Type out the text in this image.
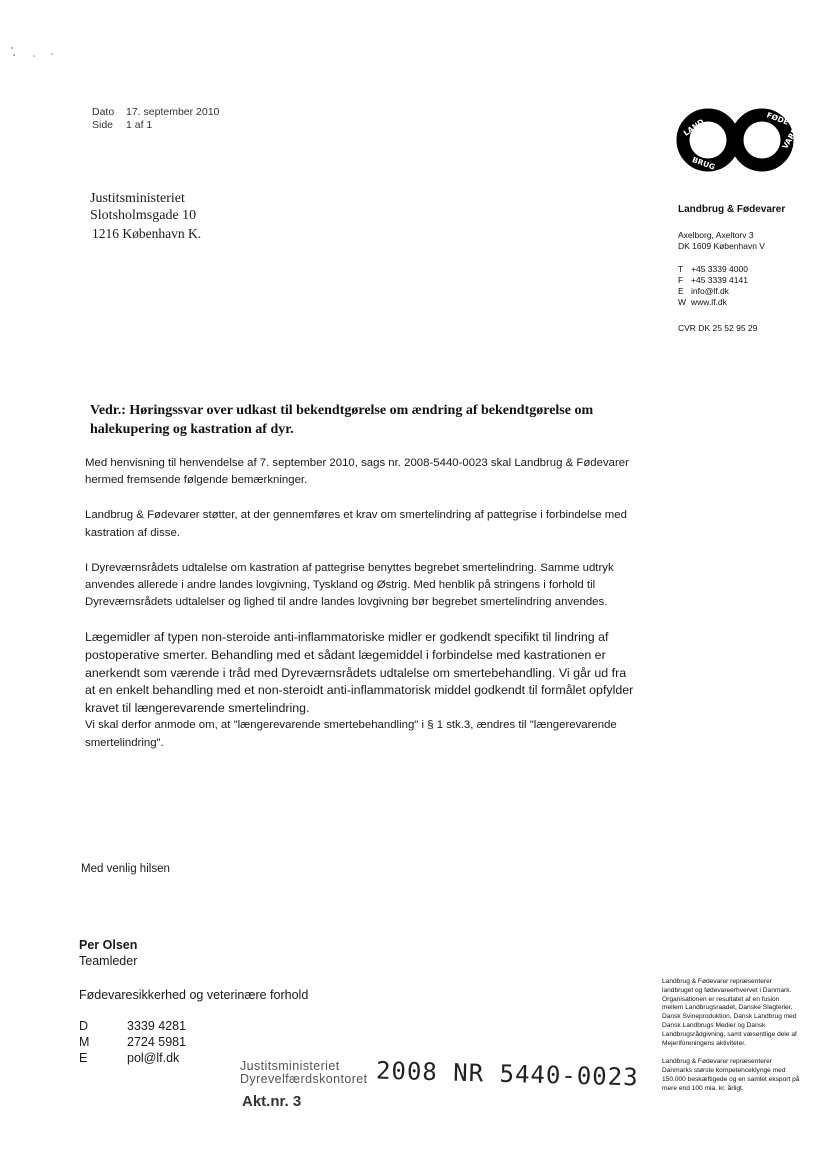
Dato 17. september 2010
Side 1 af 1
Justitsministeriet
Slotsholmsgade 10
1216 København K.
LAND
BRUG
FØDE
VARER
Landbrug & Fødevarer
Axelborg, Axeltorv 3
DK 1609 København V
T +45 3339 4000
F +45 3339 4141
E info@lf.dk
W www.lf.dk
CVR DK 25 52 95 29
Vedr.: Høringssvar over udkast til bekendtgørelse om ændring af bekendtgørelse om halekupering og kastration af dyr.

Med henvisning til henvendelse af 7. september 2010, sags nr. 2008-5440-0023 skal Landbrug & Fødevarer hermed fremsende følgende bemærkninger.

Landbrug & Fødevarer støtter, at der gennemføres et krav om smertelindring af pattegrise i forbindelse med kastration af disse.

I Dyreværnsrådets udtalelse om kastration af pattegrise benyttes begrebet smertelindring. Samme udtryk anvendes allerede i andre landes lovgivning, Tyskland og Østrig. Med henblik på stringens i forhold til Dyreværnsrådets udtalelser og lighed til andre landes lovgivning bør begrebet smertelindring anvendes.

Lægemidler af typen non-steroide anti-inflammatoriske midler er godkendt specifikt til lindring af postoperative smerter. Behandling med et sådant lægemiddel i forbindelse med kastrationen er anerkendt som værende i tråd med Dyreværnsrådets udtalelse om smertebehandling. Vi går ud fra at en enkelt behandling med et non-steroidt anti-inflammatorisk middel godkendt til formålet opfylder kravet til længerevarende smertelindring.

Vi skal derfor anmode om, at "længerevarende smertebehandling" i § 1 stk.3, ændres til "længerevarende smertelindring".

Med venlig hilsen
Per Olsen
Teamleder
Fødevaresikkerhed og veterinære forhold
D	3339 4281
M	2724 5981
E	pol@lf.dk
Landbrug & Fødevarer repræsenterer landbruget og fødevareerhvervet i Danmark. Organisationen er resultatet af en fusion mellem Landbrugsraadet, Danske Slagterier, Dansk Svineproduktion, Dansk Landbrug med Dansk Landbrugs Medier og Dansk Landbrugsrådgivning, samt væsentlige dele af Mejeriforeningens aktiviteter.
Landbrug & Fødevarer repræsenterer Danmarks største kompetenceklynge med 150.000 beskæftigede og en samlet eksport på mere end 100 mia. kr. årligt.
Justitsministeriet
Dyrevelfærdskontoret
Akt.nr. 3
2008 NR 5440-0023
